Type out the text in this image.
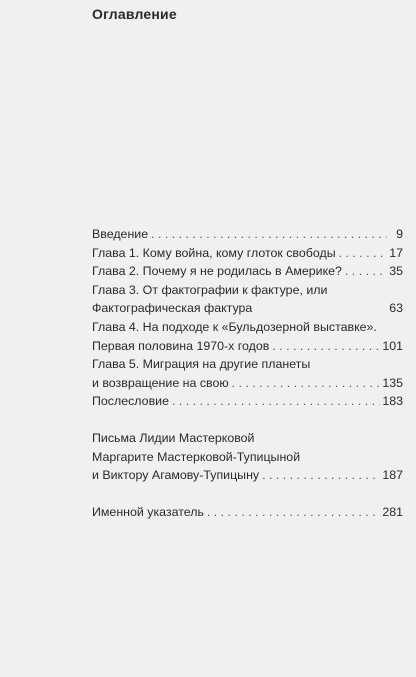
Оглавление
Введение . . .	9
Глава 1. Кому война, кому глоток свободы . . .	17
Глава 2. Почему я не родилась в Америке? . . .	35
Глава 3. От фактографии к фактуре, или
Фактографическая фактура	63
Глава 4. На подходе к «Бульдозерной выставке».
Первая половина 1970-х годов . . .	101
Глава 5. Миграция на другие планеты
и возвращение на свою . . .	135
Послесловие . . .	183
Письма Лидии Мастерковой
Маргарите Мастерковой-Тупицыной
и Виктору Агамову-Тупицыну . . .	187
Именной указатель . . .	281
